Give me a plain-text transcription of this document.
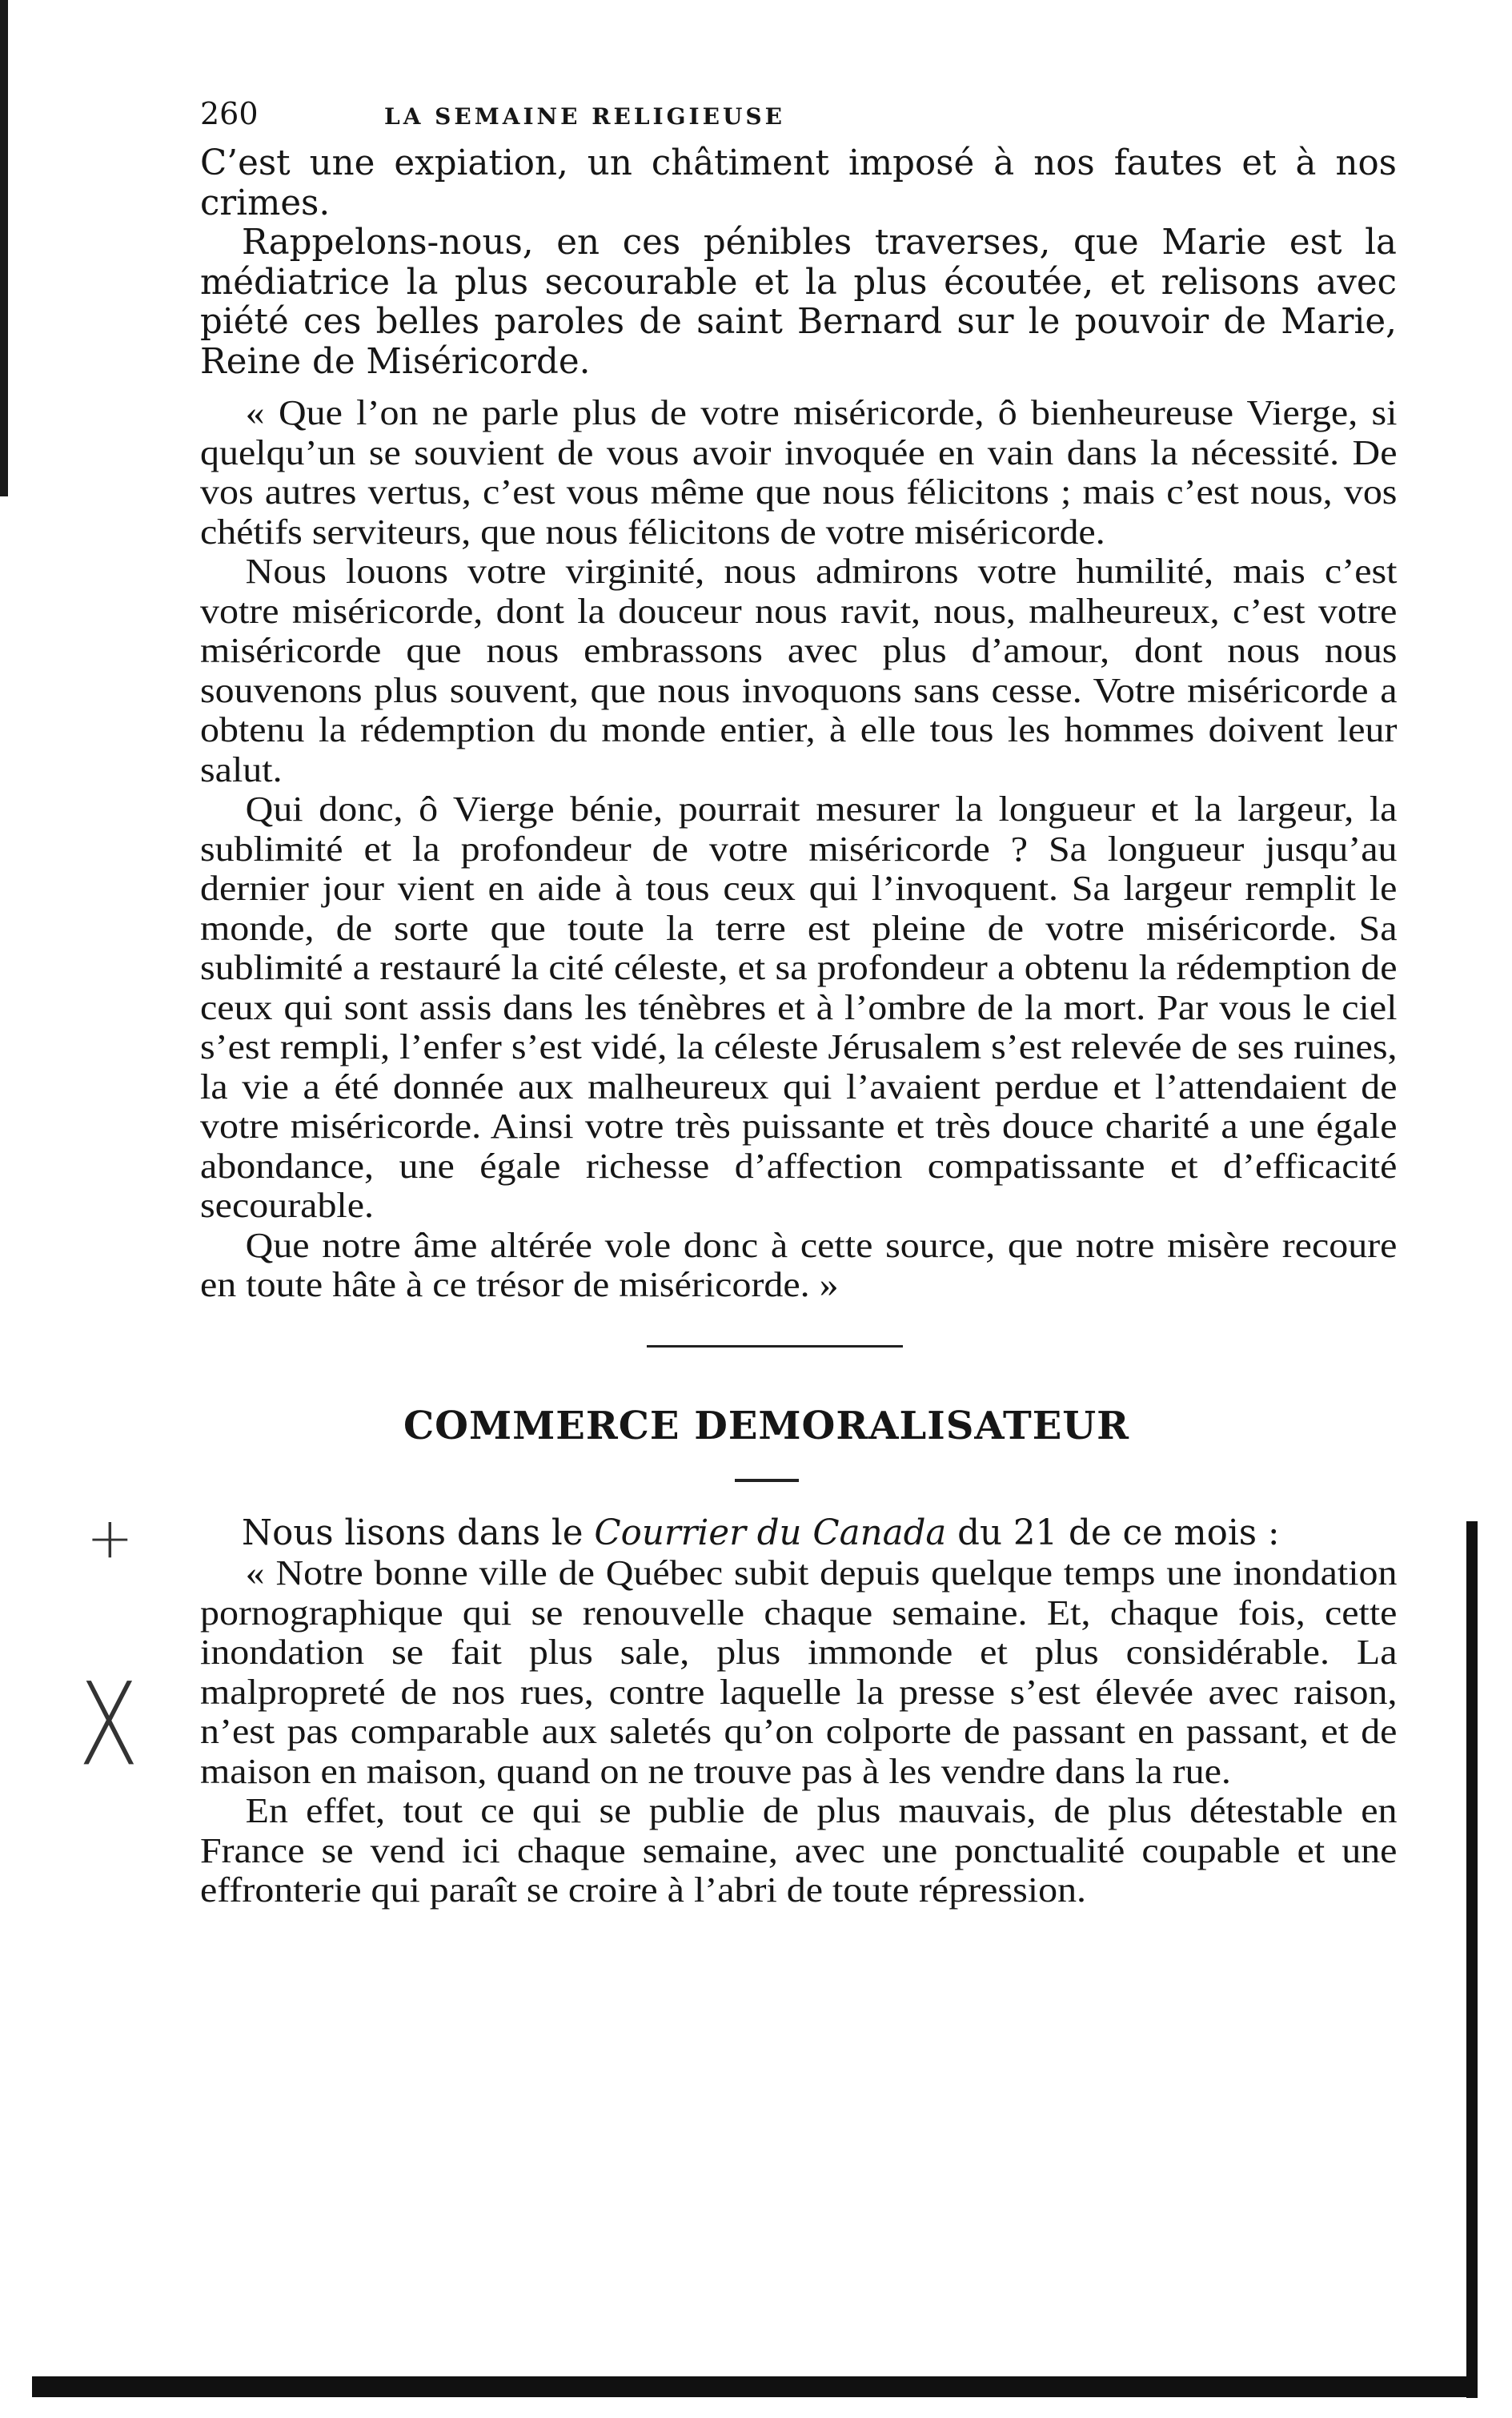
+
X
260	LA SEMAINE RELIGIEUSE

C’est une expiation, un châtiment imposé à nos fautes et à nos crimes.

Rappelons-nous, en ces pénibles traverses, que Marie est la médiatrice la plus secourable et la plus écoutée, et relisons avec piété ces belles paroles de saint Bernard sur le pouvoir de Marie, Reine de Miséricorde.

« Que l’on ne parle plus de votre miséricorde, ô bienheureuse Vierge, si quelqu’un se souvient de vous avoir invoquée en vain dans la nécessité. De vos autres vertus, c’est vous même que nous félicitons ; mais c’est nous, vos chétifs serviteurs, que nous félicitons de votre miséricorde.

Nous louons votre virginité, nous admirons votre humilité, mais c’est votre miséricorde, dont la douceur nous ravit, nous, malheureux, c’est votre miséricorde que nous embrassons avec plus d’amour, dont nous nous souvenons plus souvent, que nous invoquons sans cesse. Votre miséricorde a obtenu la rédemption du monde entier, à elle tous les hommes doivent leur salut.

Qui donc, ô Vierge bénie, pourrait mesurer la longueur et la largeur, la sublimité et la profondeur de votre miséricorde ? Sa longueur jusqu’au dernier jour vient en aide à tous ceux qui l’invoquent. Sa largeur remplit le monde, de sorte que toute la terre est pleine de votre miséricorde. Sa sublimité a restauré la cité céleste, et sa profondeur a obtenu la rédemption de ceux qui sont assis dans les ténèbres et à l’ombre de la mort. Par vous le ciel s’est rempli, l’enfer s’est vidé, la céleste Jérusalem s’est relevée de ses ruines, la vie a été donnée aux malheureux qui l’avaient perdue et l’attendaient de votre miséricorde. Ainsi votre très puissante et très douce charité a une égale abondance, une égale richesse d’affection compatissante et d’efficacité secourable.

Que notre âme altérée vole donc à cette source, que notre misère recoure en toute hâte à ce trésor de miséricorde. »

COMMERCE DEMORALISATEUR

Nous lisons dans le Courrier du Canada du 21 de ce mois :

« Notre bonne ville de Québec subit depuis quelque temps une inondation pornographique qui se renouvelle chaque semaine. Et, chaque fois, cette inondation se fait plus sale, plus immonde et plus considérable. La malpropreté de nos rues, contre laquelle la presse s’est élevée avec raison, n’est pas comparable aux saletés qu’on colporte de passant en passant, et de maison en maison, quand on ne trouve pas à les vendre dans la rue.

En effet, tout ce qui se publie de plus mauvais, de plus détestable en France se vend ici chaque semaine, avec une ponctualité coupable et une effronterie qui paraît se croire à l’abri de toute répression.
